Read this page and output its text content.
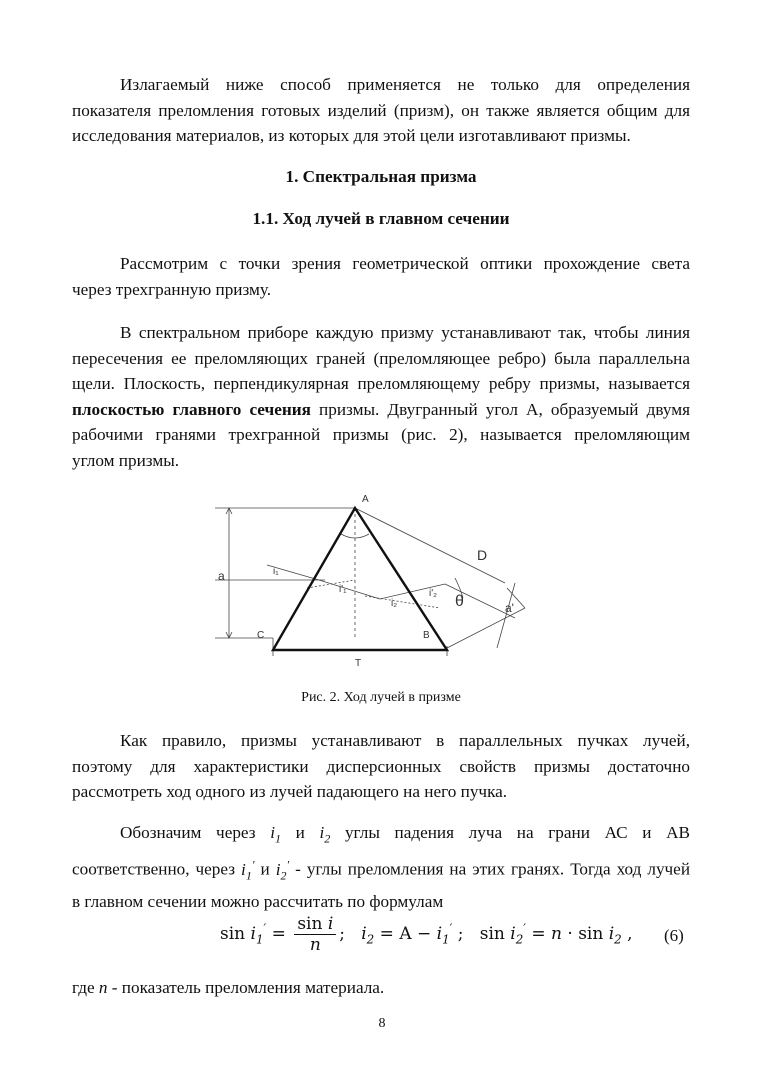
Излагаемый ниже способ применяется не только для определения
показателя преломления готовых изделий (призм), он также является общим для
исследования материалов, из которых для этой цели изготавливают призмы.

1. Спектральная призма
1.1. Ход лучей в главном сечении

Рассмотрим с точки зрения геометрической оптики прохождение света
через трехгранную призму.

В спектральном приборе каждую призму устанавливают так, чтобы линия
пересечения ее преломляющих граней (преломляющее ребро) была параллельна
щели. Плоскость, перпендикулярная преломляющему ребру призмы, называется
плоскостью главного сечения призмы. Двугранный угол А, образуемый двумя
рабочими гранями трехгранной призмы (рис. 2), называется преломляющим
углом призмы.

A
C	B
T
D
a
a'
θ
i₁
i₂
i'₁	i'₂

Рис. 2. Ход лучей в призме

Как правило, призмы устанавливают в параллельных пучках лучей,
поэтому для характеристики дисперсионных свойств призмы достаточно
рассмотреть ход одного из лучей падающего на него пучка.

Обозначим через $i_1$ и $i_2$ углы падения луча на грани АС и АВ
соответственно, через $i_1'$ и $i_2'$ - углы преломления на этих гранях. Тогда ход лучей
в главном сечении можно рассчитать по формулам

$\sin i_1' = \frac{\text{sin i}}{n}$ ;   $i_2 = A - i_1'$ ;   $\sin i_2' = n \cdot \sin i_2$ , (6)

где n - показатель преломления материала.

8
